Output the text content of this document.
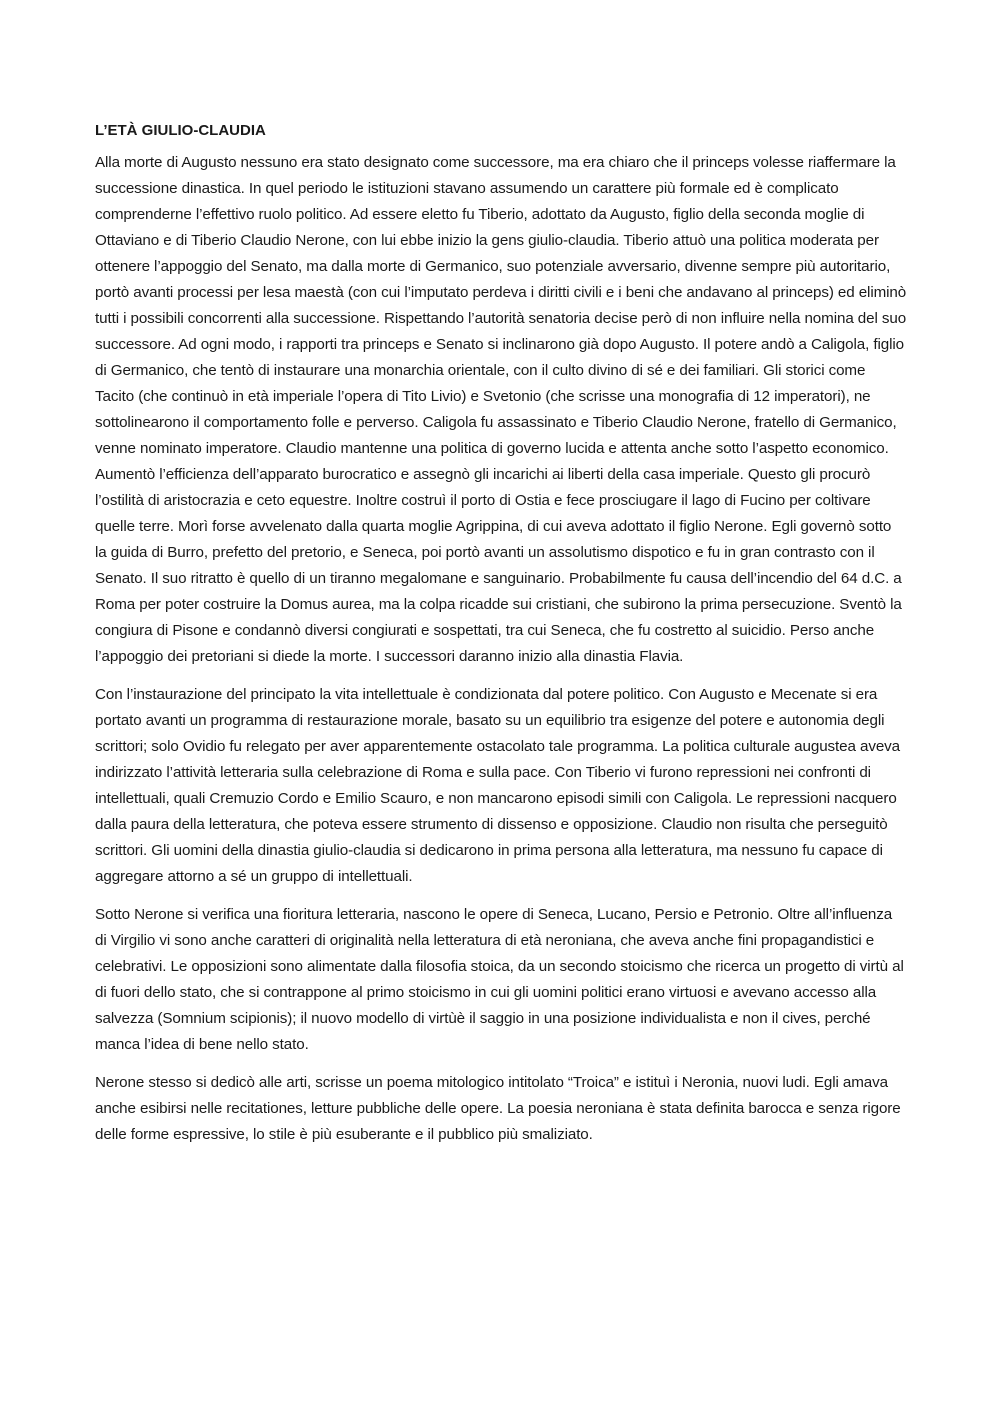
L’ETÀ GIULIO-CLAUDIA

Alla morte di Augusto nessuno era stato designato come successore, ma era chiaro che il princeps volesse riaffermare la successione dinastica. In quel periodo le istituzioni stavano assumendo un carattere più formale ed è complicato comprenderne l’effettivo ruolo politico. Ad essere eletto fu Tiberio, adottato da Augusto, figlio della seconda moglie di Ottaviano e di Tiberio Claudio Nerone, con lui ebbe inizio la gens giulio-claudia. Tiberio attuò una politica moderata per ottenere l’appoggio del Senato, ma dalla morte di Germanico, suo potenziale avversario, divenne sempre più autoritario, portò avanti processi per lesa maestà (con cui l’imputato perdeva i diritti civili e i beni che andavano al princeps) ed eliminò tutti i possibili concorrenti alla successione. Rispettando l’autorità senatoria decise però di non influire nella nomina del suo successore. Ad ogni modo, i rapporti tra princeps e Senato si inclinarono già dopo Augusto. Il potere andò a Caligola, figlio di Germanico, che tentò di instaurare una monarchia orientale, con il culto divino di sé e dei familiari. Gli storici come Tacito (che continuò in età imperiale l’opera di Tito Livio) e Svetonio (che scrisse una monografia di 12 imperatori), ne sottolinearono il comportamento folle e perverso. Caligola fu assassinato e Tiberio Claudio Nerone, fratello di Germanico, venne nominato imperatore. Claudio mantenne una politica di governo lucida e attenta anche sotto l’aspetto economico. Aumentò l’efficienza dell’apparato burocratico e assegnò gli incarichi ai liberti della casa imperiale. Questo gli procurò l’ostilità di aristocrazia e ceto equestre. Inoltre costruì il porto di Ostia e fece prosciugare il lago di Fucino per coltivare quelle terre. Morì forse avvelenato dalla quarta moglie Agrippina, di cui aveva adottato il figlio Nerone. Egli governò sotto la guida di Burro, prefetto del pretorio, e Seneca, poi portò avanti un assolutismo dispotico e fu in gran contrasto con il Senato. Il suo ritratto è quello di un tiranno megalomane e sanguinario. Probabilmente fu causa dell’incendio del 64 d.C. a Roma per poter costruire la Domus aurea, ma la colpa ricadde sui cristiani, che subirono la prima persecuzione. Sventò la congiura di Pisone e condannò diversi congiurati e sospettati, tra cui Seneca, che fu costretto al suicidio. Perso anche l’appoggio dei pretoriani si diede la morte. I successori daranno inizio alla dinastia Flavia.

Con l’instaurazione del principato la vita intellettuale è condizionata dal potere politico. Con Augusto e Mecenate si era portato avanti un programma di restaurazione morale, basato su un equilibrio tra esigenze del potere e autonomia degli scrittori; solo Ovidio fu relegato per aver apparentemente ostacolato tale programma. La politica culturale augustea aveva indirizzato l’attività letteraria sulla celebrazione di Roma e sulla pace. Con Tiberio vi furono repressioni nei confronti di intellettuali, quali Cremuzio Cordo e Emilio Scauro, e non mancarono episodi simili con Caligola. Le repressioni nacquero dalla paura della letteratura, che poteva essere strumento di dissenso e opposizione. Claudio non risulta che perseguitò scrittori. Gli uomini della dinastia giulio-claudia si dedicarono in prima persona alla letteratura, ma nessuno fu capace di aggregare attorno a sé un gruppo di intellettuali.

Sotto Nerone si verifica una fioritura letteraria, nascono le opere di Seneca, Lucano, Persio e Petronio. Oltre all’influenza di Virgilio vi sono anche caratteri di originalità nella letteratura di età neroniana, che aveva anche fini propagandistici e celebrativi. Le opposizioni sono alimentate dalla filosofia stoica, da un secondo stoicismo che ricerca un progetto di virtù al di fuori dello stato, che si contrappone al primo stoicismo in cui gli uomini politici erano virtuosi e avevano accesso alla salvezza (Somnium scipionis); il nuovo modello di virtùè il saggio in una posizione individualista e non il cives, perché manca l’idea di bene nello stato.

Nerone stesso si dedicò alle arti, scrisse un poema mitologico intitolato “Troica” e istituì i Neronia, nuovi ludi. Egli amava anche esibirsi nelle recitationes, letture pubbliche delle opere. La poesia neroniana è stata definita barocca e senza rigore delle forme espressive, lo stile è più esuberante e il pubblico più smaliziato.
